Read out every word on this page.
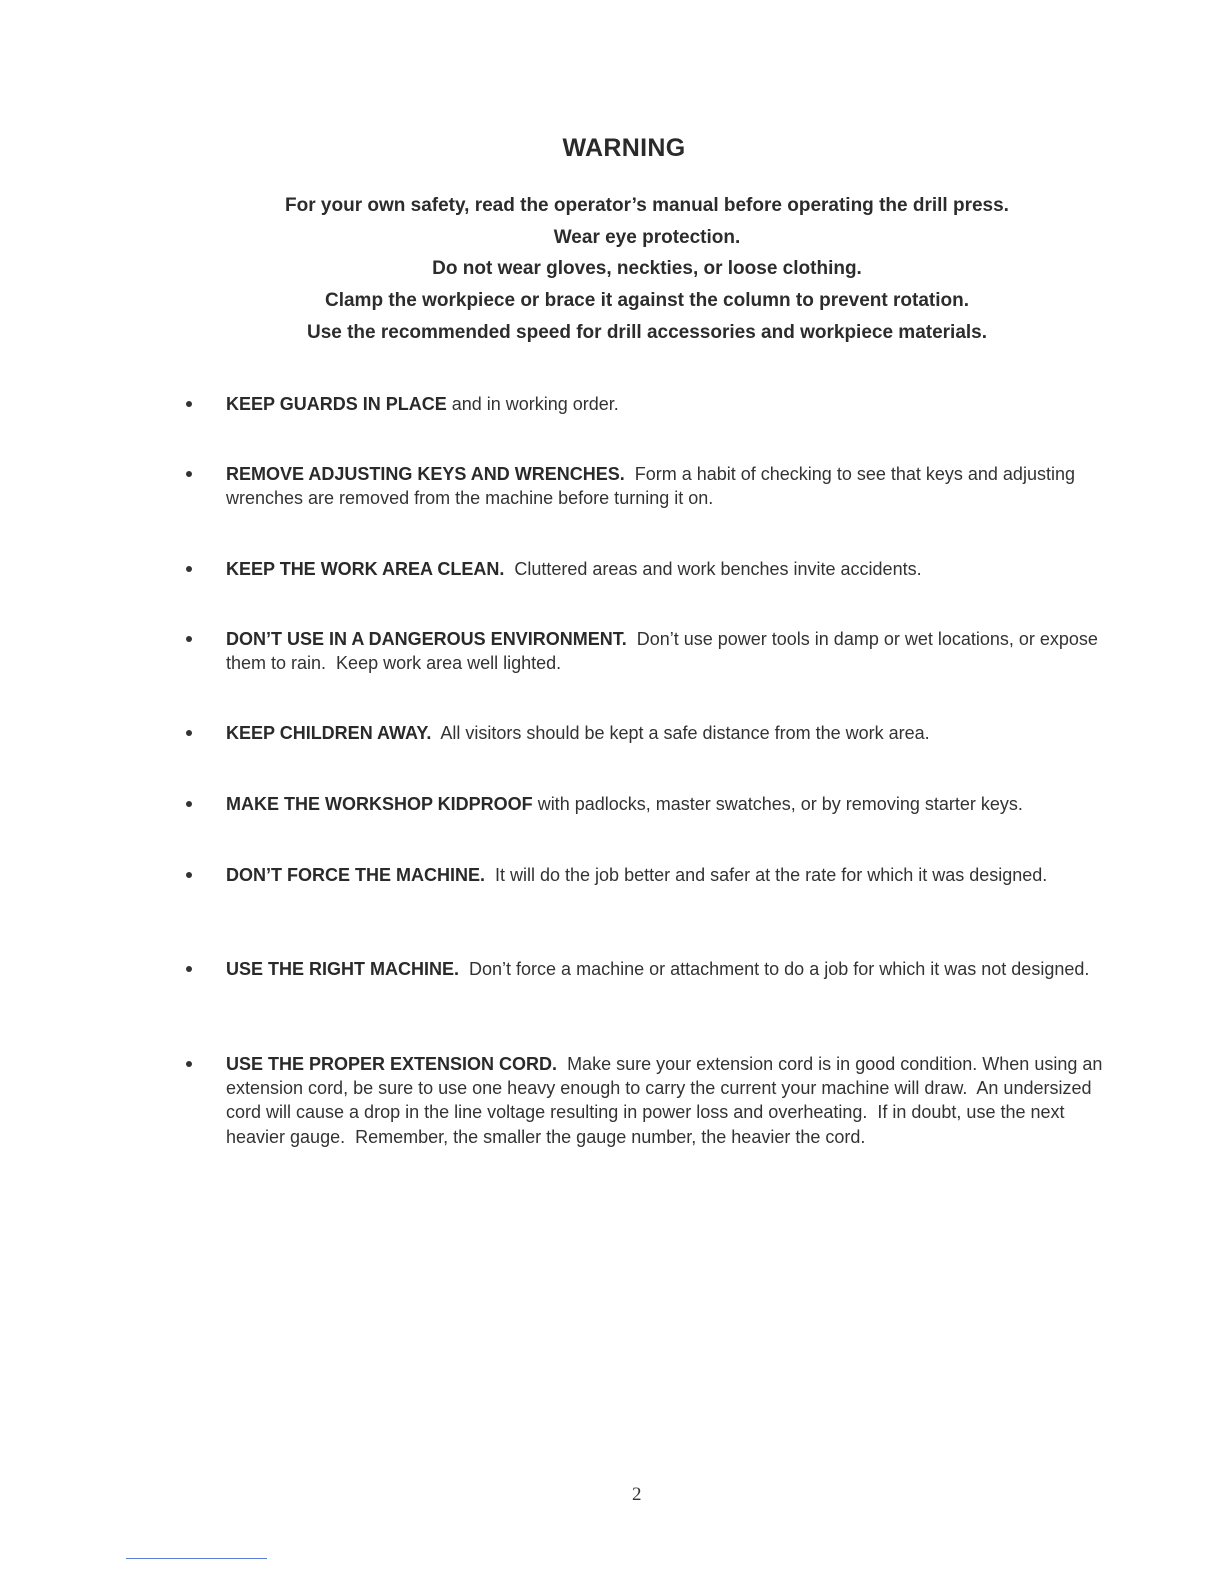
WARNING
For your own safety, read the operator’s manual before operating the drill press.
Wear eye protection.
Do not wear gloves, neckties, or loose clothing.
Clamp the workpiece or brace it against the column to prevent rotation.
Use the recommended speed for drill accessories and workpiece materials.
KEEP GUARDS IN PLACE and in working order.
REMOVE ADJUSTING KEYS AND WRENCHES.  Form a habit of checking to see that keys and adjusting wrenches are removed from the machine before turning it on.
KEEP THE WORK AREA CLEAN.  Cluttered areas and work benches invite accidents.
DON’T USE IN A DANGEROUS ENVIRONMENT.  Don’t use power tools in damp or wet locations, or expose them to rain.  Keep work area well lighted.
KEEP CHILDREN AWAY.  All visitors should be kept a safe distance from the work area.
MAKE THE WORKSHOP KIDPROOF with padlocks, master swatches, or by removing starter keys.
DON’T FORCE THE MACHINE.  It will do the job better and safer at the rate for which it was designed.
USE THE RIGHT MACHINE.  Don’t force a machine or attachment to do a job for which it was not designed.
USE THE PROPER EXTENSION CORD.  Make sure your extension cord is in good condition. When using an extension cord, be sure to use one heavy enough to carry the current your machine will draw.  An undersized cord will cause a drop in the line voltage resulting in power loss and overheating.  If in doubt, use the next heavier gauge.  Remember, the smaller the gauge number, the heavier the cord.
2
